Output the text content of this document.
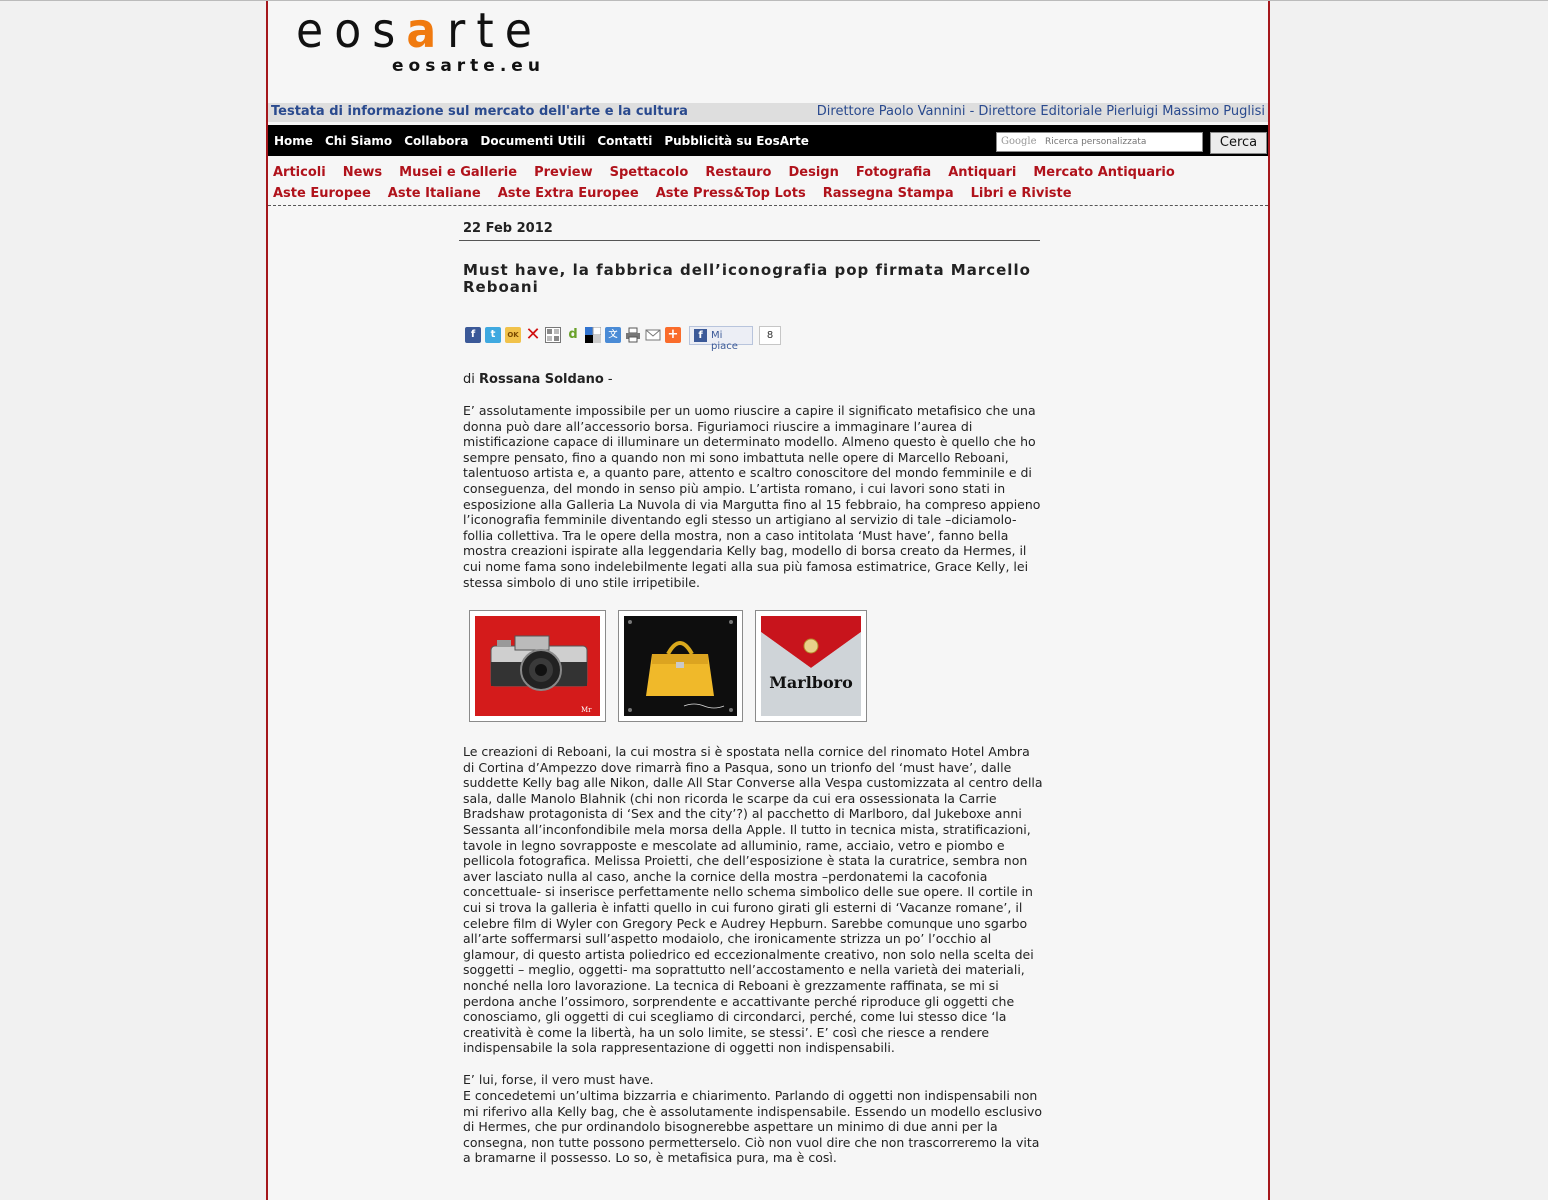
eosarte
eosarte.eu
Testata di informazione sul mercato dell'arte e la cultura	Direttore Paolo Vannini - Direttore Editoriale Pierluigi Massimo Puglisi
Home Chi Siamo Collabora Documenti Utili Contatti Pubblicità su EosArte	Google
Ricerca personalizzata	Cerca
Articoli News Musei e Gallerie Preview Spettacolo Restauro Design Fotografia Antiquari Mercato Antiquario
Aste Europee Aste Italiane Aste Extra Europee Aste Press&Top Lots Rassegna Stampa Libri e Riviste
22 Feb 2012
Must have, la fabbrica dell’iconografia pop firmata Marcello Reboani
f	t	OK ✕ d	文	+	f Mi piace
8
di Rossana Soldano -
E’ assolutamente impossibile per un uomo riuscire a capire il significato metafisico che una donna può dare all’accessorio borsa. Figuriamoci riuscire a immaginare l’aurea di mistificazione capace di illuminare un determinato modello. Almeno questo è quello che ho sempre pensato, fino a quando non mi sono imbattuta nelle opere di Marcello Reboani, talentuoso artista e, a quanto pare, attento e scaltro conoscitore del mondo femminile e di conseguenza, del mondo in senso più ampio. L’artista romano, i cui lavori sono stati in esposizione alla Galleria La Nuvola di via Margutta fino al 15 febbraio, ha compreso appieno l’iconografia femminile diventando egli stesso un artigiano al servizio di tale –diciamolo- follia collettiva. Tra le opere della mostra, non a caso intitolata ‘Must have’, fanno bella mostra creazioni ispirate alla leggendaria Kelly bag, modello di borsa creato da Hermes, il cui nome fama sono indelebilmente legati alla sua più famosa estimatrice, Grace Kelly, lei stessa simbolo di uno stile irripetibile.
Mr
Marlboro
Le creazioni di Reboani, la cui mostra si è spostata nella cornice del rinomato Hotel Ambra di Cortina d’Ampezzo dove rimarrà fino a Pasqua, sono un trionfo del ‘must have’, dalle suddette Kelly bag alle Nikon, dalle All Star Converse alla Vespa customizzata al centro della sala, dalle Manolo Blahnik (chi non ricorda le scarpe da cui era ossessionata la Carrie Bradshaw protagonista di ‘Sex and the city’?) al pacchetto di Marlboro, dal Jukeboxe anni Sessanta all’inconfondibile mela morsa della Apple. Il tutto in tecnica mista, stratificazioni, tavole in legno sovrapposte e mescolate ad alluminio, rame, acciaio, vetro e piombo e pellicola fotografica. Melissa Proietti, che dell’esposizione è stata la curatrice, sembra non aver lasciato nulla al caso, anche la cornice della mostra –perdonatemi la cacofonia concettuale- si inserisce perfettamente nello schema simbolico delle sue opere. Il cortile in cui si trova la galleria è infatti quello in cui furono girati gli esterni di ‘Vacanze romane’, il celebre film di Wyler con Gregory Peck e Audrey Hepburn. Sarebbe comunque uno sgarbo all’arte soffermarsi sull’aspetto modaiolo, che ironicamente strizza un po’ l’occhio al glamour, di questo artista poliedrico ed eccezionalmente creativo, non solo nella scelta dei soggetti – meglio, oggetti- ma soprattutto nell’accostamento e nella varietà dei materiali, nonché nella loro lavorazione. La tecnica di Reboani è grezzamente raffinata, se mi si perdona anche l’ossimoro, sorprendente e accattivante perché riproduce gli oggetti che conosciamo, gli oggetti di cui scegliamo di circondarci, perché, come lui stesso dice ‘la creatività è come la libertà, ha un solo limite, se stessi’. E’ così che riesce a rendere indispensabile la sola rappresentazione di oggetti non indispensabili.
E’ lui, forse, il vero must have.
E concedetemi un’ultima bizzarria e chiarimento. Parlando di oggetti non indispensabili non mi riferivo alla Kelly bag, che è assolutamente indispensabile. Essendo un modello esclusivo di Hermes, che pur ordinandolo bisognerebbe aspettare un minimo di due anni per la consegna, non tutte possono permetterselo. Ciò non vuol dire che non trascorreremo la vita a bramarne il possesso. Lo so, è metafisica pura, ma è così.
